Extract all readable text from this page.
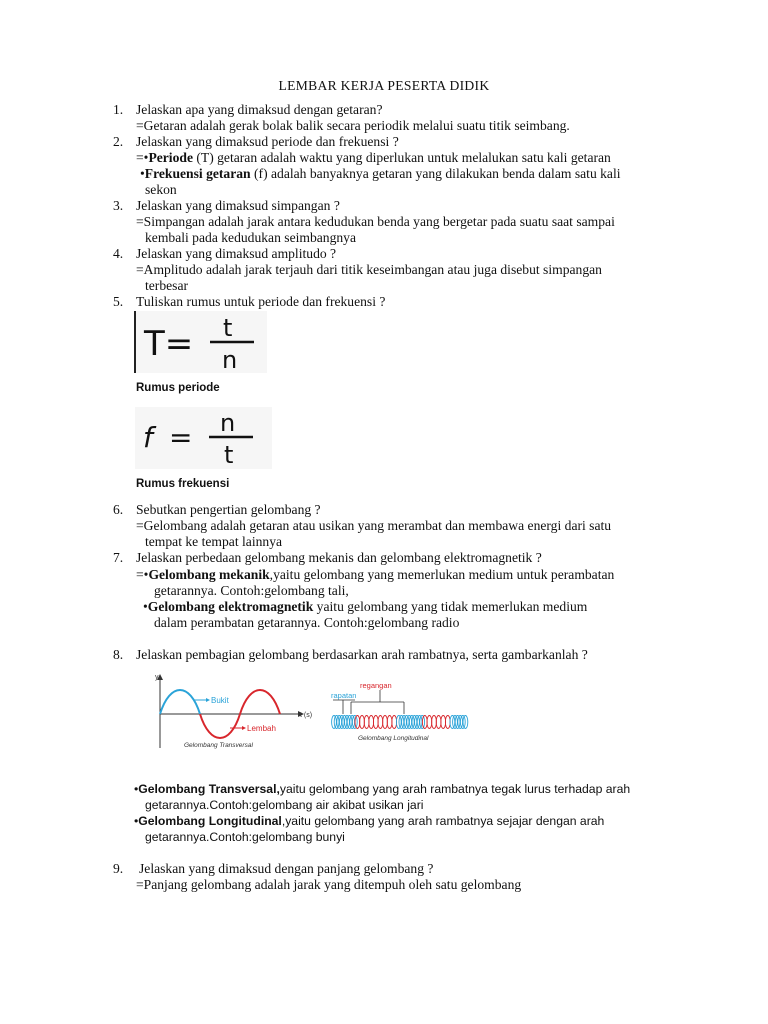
LEMBAR KERJA PESERTA DIDIK
1. Jelaskan apa yang dimaksud dengan getaran?
=Getaran adalah gerak bolak balik secara periodik melalui suatu titik seimbang.
2. Jelaskan yang dimaksud periode dan frekuensi ?
=•Periode (T) getaran adalah waktu yang diperlukan untuk melalukan satu kali getaran
•Frekuensi getaran (f) adalah banyaknya getaran yang dilakukan benda dalam satu kali
sekon
3. Jelaskan yang dimaksud simpangan ?
=Simpangan adalah jarak antara kedudukan benda yang bergetar pada suatu saat sampai
kembali pada kedudukan seimbangnya
4. Jelaskan yang dimaksud amplitudo ?
=Amplitudo adalah jarak terjauh dari titik keseimbangan atau juga disebut simpangan
terbesar
5. Tuliskan rumus untuk periode dan frekuensi ?
T= t
n
Rumus periode
f = n
t
Rumus frekuensi
6. Sebutkan pengertian gelombang ?
=Gelombang adalah getaran atau usikan yang merambat dan membawa energi dari satu
tempat ke tempat lainnya
7. Jelaskan perbedaan gelombang mekanis dan gelombang elektromagnetik ?
=•Gelombang mekanik,yaitu gelombang yang memerlukan medium untuk perambatan
getarannya. Contoh:gelombang tali,
•Gelombang elektromagnetik yaitu gelombang yang tidak memerlukan medium
dalam perambatan getarannya. Contoh:gelombang radio
8. Jelaskan pembagian gelombang berdasarkan arah rambatnya, serta gambarkanlah ?
y
t (s)
Bukit
Lembah
Gelombang Transversal
regangan
rapatan
Gelombang Longitudinal
•Gelombang Transversal,yaitu gelombang yang arah rambatnya tegak lurus terhadap arah
getarannya.Contoh:gelombang air akibat usikan jari
•Gelombang Longitudinal,yaitu gelombang yang arah rambatnya sejajar dengan arah
getarannya.Contoh:gelombang bunyi
9. Jelaskan yang dimaksud dengan panjang gelombang ?
=Panjang gelombang adalah jarak yang ditempuh oleh satu gelombang
